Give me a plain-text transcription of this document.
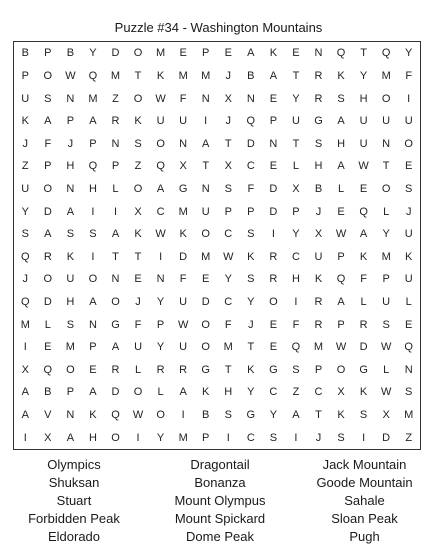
Puzzle #34 - Washington Mountains
B	P	B	Y	D	O	M	E	P	E	A	K	E	N	Q	T	Q	Y
P	O	W	Q	M	T	K	M	M	J	B	A	T	R	K	Y	M	F
U	S	N	M	Z	O	W	F	N	X	N	E	Y	R	S	H	O	I
K	A	P	A	R	K	U	U	I	J	Q	P	U	G	A	U	U	U
J	F	J	P	N	S	O	N	A	T	D	N	T	S	H	U	N	O
Z	P	H	Q	P	Z	Q	X	T	X	C	E	L	H	A	W	T	E
U	O	N	H	L	O	A	G	N	S	F	D	X	B	L	E	O	S
Y	D	A	I	I	X	C	M	U	P	P	D	P	J	E	Q	L	J
S	A	S	S	A	K	W	K	O	C	S	I	Y	X	W	A	Y	U
Q	R	K	I	T	T	I	D	M	W	K	R	C	U	P	K	M	K
J	O	U	O	N	E	N	F	E	Y	S	R	H	K	Q	F	P	U
Q	D	H	A	O	J	Y	U	D	C	Y	O	I	R	A	L	U	L
M	L	S	N	G	F	P	W	O	F	J	E	F	R	P	R	S	E
I	E	M	P	A	U	Y	U	O	M	T	E	Q	M	W	D	W	Q
X	Q	O	E	R	L	R	R	G	T	K	G	S	P	O	G	L	N
A	B	P	A	D	O	L	A	K	H	Y	C	Z	C	X	K	W	S
A	V	N	K	Q	W	O	I	B	S	G	Y	A	T	K	S	X	M
I	X	A	H	O	I	Y	M	P	I	C	S	I	J	S	I	D	Z
Olympics	Dragontail	Jack Mountain
Shuksan	Bonanza	Goode Mountain
Stuart	Mount Olympus	Sahale
Forbidden Peak	Mount Spickard	Sloan Peak
Eldorado	Dome Peak	Pugh
